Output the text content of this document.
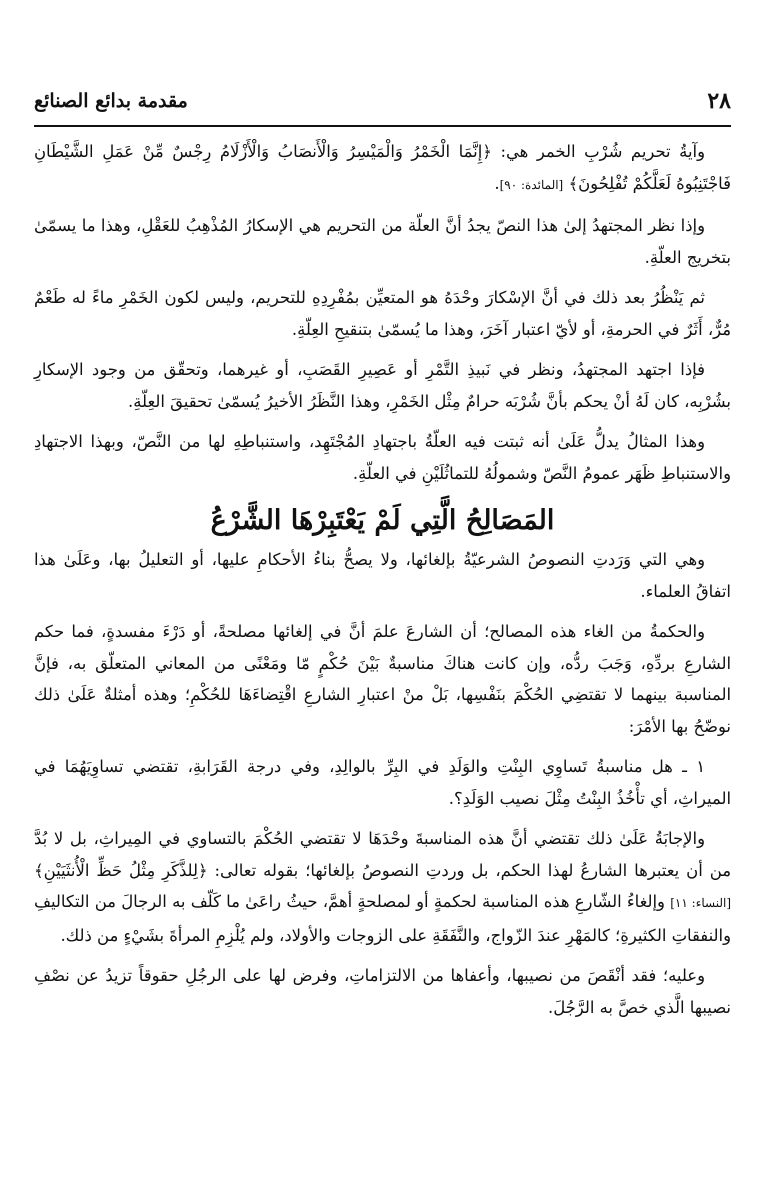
٢٨
مقدمة بدائع الصنائع

وآيةُ تحريم شُرْبِ الخمر هي: ﴿إِنَّمَا الْخَمْرُ وَالْمَيْسِرُ وَالْأَنصَابُ وَالْأَزْلَامُ رِجْسٌ مِّنْ عَمَلِ الشَّيْطَانِ فَاجْتَنِبُوهُ لَعَلَّكُمْ تُفْلِحُونَ﴾ [المائدة: ٩٠].

وإذا نظر المجتهدُ إلىٰ هذا النصّ يجدُ أنَّ العلّة من التحريم هي الإسكارُ المُذْهِبُ للعَقْلِ، وهذا ما يسمّىٰ بتخريج العلّةِ.

ثم يَنْظُرُ بعد ذلك في أنَّ الإسْكارَ وحْدَهُ هو المتعيِّن بمُفْرِدِهِ للتحريم، وليس لكون الخَمْرِ ماءً له طَعْمٌ مُرٌّ، أَثَرٌ في الحرمةِ، أو لأيّ اعتبار آخَرَ، وهذا ما يُسمّىٰ بتنقيحِ العِلّةِ.

فإذا اجتهد المجتهدُ، ونظر في نَبيذِ التَّمْرِ أو عَصِيرِ القَصَبِ، أو غيرهما، وتحقّق من وجود الإسكارِ بشُرْبِه، كان لَهُ أنْ يحكم بأنَّ شُرْبَه حرامٌ مِثْل الخَمْرِ، وهذا النَّظَرُ الأخيرُ يُسمّىٰ تحقيقَ العِلّةِ.

وهذا المثالُ يدلُّ عَلَىٰ أنه ثبتت فيه العلّةُ باجتهادِ المُجْتَهِد، واستنباطِهِ لها من النَّصّ، وبهذا الاجتهادِ والاستنباطِ ظَهَر عمومُ النَّصّ وشمولُهُ للتماثُلَيْنِ في العلّةِ.

المَصَالِحُ الَّتِي لَمْ يَعْتَبِرْهَا الشَّرْعُ

وهي التي وَرَدتِ النصوصُ الشرعيّةُ بإلغائها، ولا يصحُّ بناءُ الأحكامِ عليها، أو التعليلُ بها، وعَلَىٰ هذا اتفاقُ العلماء.

والحكمةُ من الغاء هذه المصالح؛ أن الشارعَ علمَ أنَّ في إلغائها مصلحةً، أو دَرْءَ مفسدةٍ، فما حكم الشارعِ بردِّهِ، وَجَبَ ردُّه، وإن كانت هناكَ مناسبةٌ بَيْنَ حُكْمٍ مّا ومَعْنًى من المعاني المتعلّق به، فإنَّ المناسبة بينهما لا تقتضِي الحُكْمَ بنَفْسِها، بَلْ منْ اعتبارِ الشارعِ اقْتِضاءَهَا للحُكْمِ؛ وهذه أمثلةٌ عَلَىٰ ذلك نوضّحُ بها الأمْرَ:

١ ـ هل مناسبةُ تَساوِي البِنْتِ والوَلَدِ في البِرِّ بالوالِدِ، وفي درجة القَرَابةِ، تقتضي تساوِيَهُمَا في الميراثِ، أي تأْخُذُ البِنْتُ مِثْلَ نصيب الوَلَدِ؟.

والإجابَةُ عَلَىٰ ذلك تقتضي أنَّ هذه المناسبةَ وحْدَهَا لا تقتضي الحُكْمَ بالتساوي في المِيراثِ، بل لا بُدَّ من أن يعتبرها الشارعُ لهذا الحكم، بل وردتِ النصوصُ بإلغائها؛ بقوله تعالى: ﴿لِلذَّكَرِ مِثْلُ حَظِّ الْأُنثَيَيْنِ﴾ [النساء: ١١] وإلغاءُ الشّارعِ هذه المناسبة لحكمةٍ أو لمصلحةٍ أهمَّ، حيثُ راعَىٰ ما كَلّف به الرجالَ من التكاليفِ والنفقاتِ الكثيرةِ؛ كالمَهْرِ عندَ الزّواج، والنَّفَقَةِ على الزوجات والأولاد، ولم يُلْزِمِ المرأةَ بشَيْءٍ من ذلك.

وعليه؛ فقد أنْقَصَ من نصيبها، وأعفاها من الالتزاماتِ، وفرض لها على الرجُلِ حقوقاً تزيدُ عن نصْفِ نصيبها الَّذي خصَّ به الرَّجُلَ.
